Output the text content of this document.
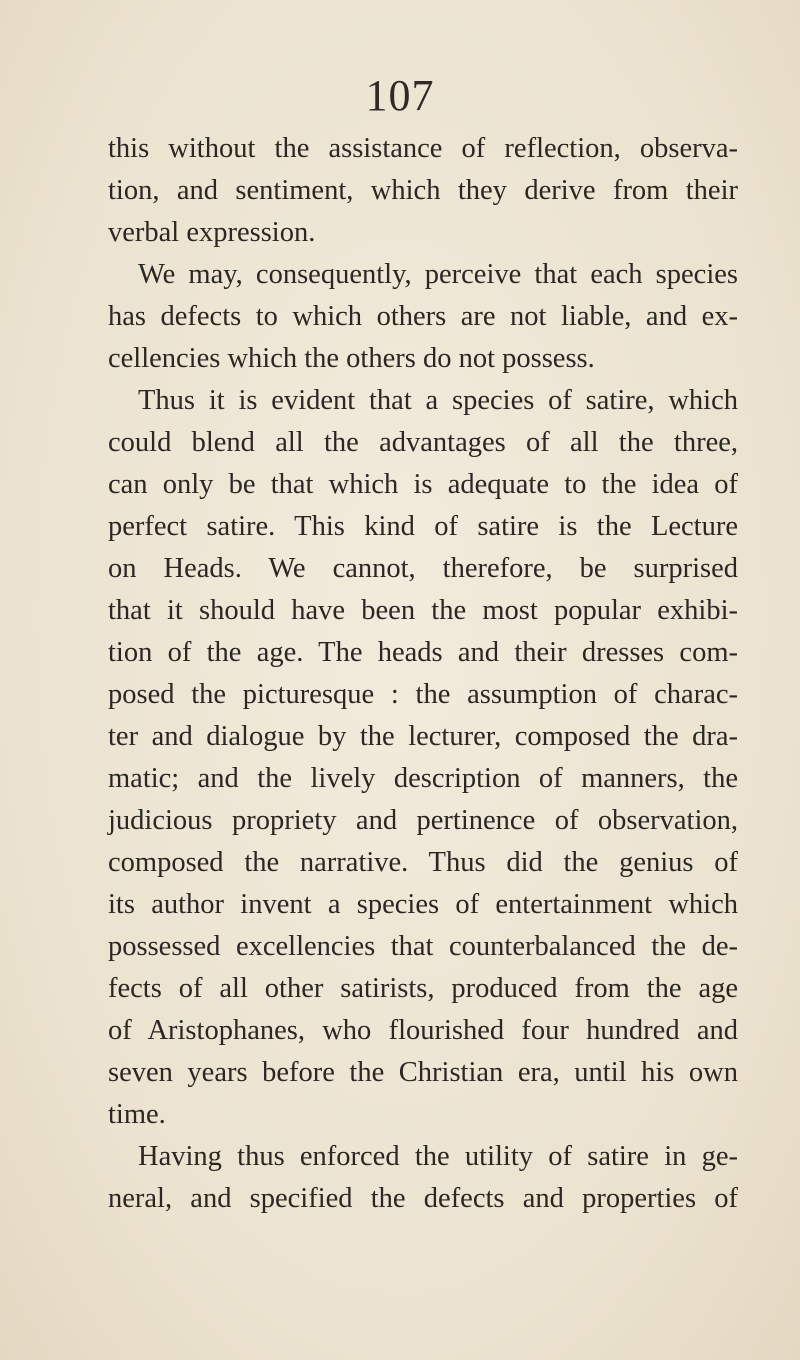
107
this without the assistance of reflection, observa-
tion, and sentiment, which they derive from their
verbal expression.
We may, consequently, perceive that each species
has defects to which others are not liable, and ex-
cellencies which the others do not possess.
Thus it is evident that a species of satire, which
could blend all the advantages of all the three,
can only be that which is adequate to the idea of
perfect satire. This kind of satire is the Lecture
on Heads. We cannot, therefore, be surprised
that it should have been the most popular exhibi-
tion of the age. The heads and their dresses com-
posed the picturesque : the assumption of charac-
ter and dialogue by the lecturer, composed the dra-
matic; and the lively description of manners, the
judicious propriety and pertinence of observation,
composed the narrative. Thus did the genius of
its author invent a species of entertainment which
possessed excellencies that counterbalanced the de-
fects of all other satirists, produced from the age
of Aristophanes, who flourished four hundred and
seven years before the Christian era, until his own
time.
Having thus enforced the utility of satire in ge-
neral, and specified the defects and properties of
